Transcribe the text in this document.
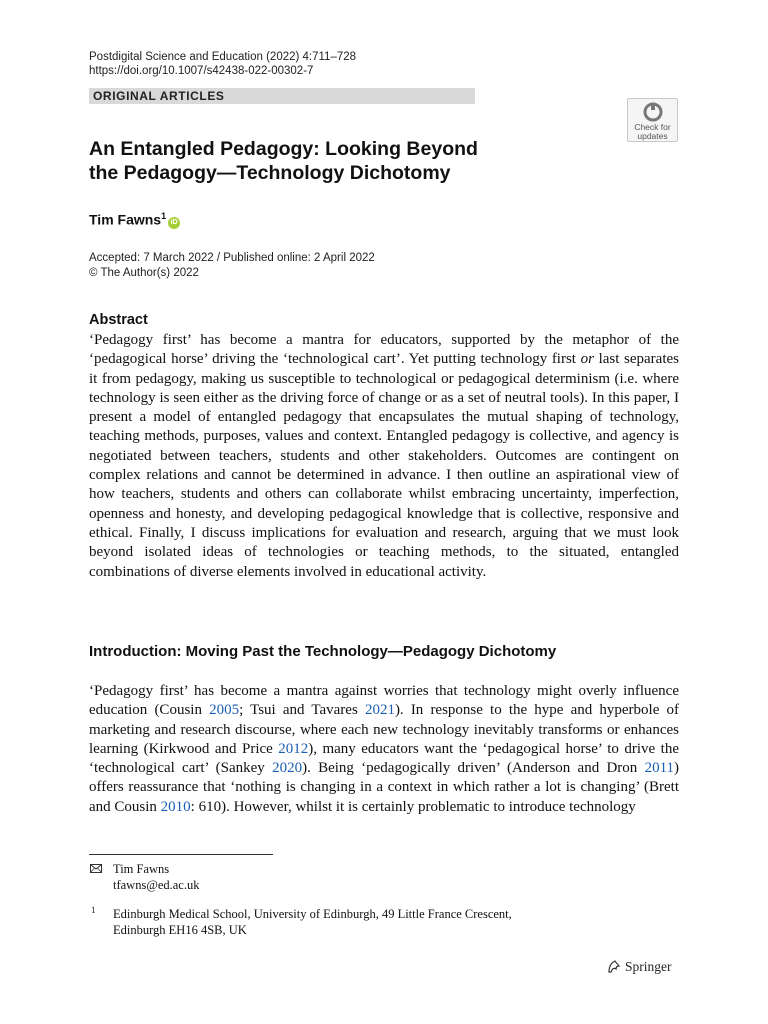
Postdigital Science and Education (2022) 4:711–728
https://doi.org/10.1007/s42438-022-00302-7
ORIGINAL ARTICLES
Check for
updates
An Entangled Pedagogy: Looking Beyond
the Pedagogy—Technology Dichotomy
Tim Fawns$^1$iD
Accepted: 7 March 2022 / Published online: 2 April 2022
© The Author(s) 2022
Abstract

‘Pedagogy first’ has become a mantra for educators, supported by the metaphor of the ‘pedagogical horse’ driving the ‘technological cart’. Yet putting technology first or last separates it from pedagogy, making us susceptible to technological or pedagogical determinism (i.e. where technology is seen either as the driving force of change or as a set of neutral tools). In this paper, I present a model of entangled pedagogy that encapsulates the mutual shaping of technology, teaching methods, purposes, values and context. Entangled pedagogy is collective, and agency is negotiated between teachers, students and other stakeholders. Outcomes are contingent on complex relations and cannot be determined in advance. I then outline an aspirational view of how teachers, students and others can collaborate whilst embracing uncertainty, imperfection, openness and honesty, and developing pedagogical knowledge that is collective, responsive and ethical. Finally, I discuss implications for evaluation and research, arguing that we must look beyond isolated ideas of technologies or teaching methods, to the situated, entangled combinations of diverse elements involved in educational activity.

Introduction: Moving Past the Technology—Pedagogy Dichotomy

‘Pedagogy first’ has become a mantra against worries that technology might overly influence education (Cousin 2005; Tsui and Tavares 2021). In response to the hype and hyperbole of marketing and research discourse, where each new technology inevitably transforms or enhances learning (Kirkwood and Price 2012), many educators want the ‘pedagogical horse’ to drive the ‘technological cart’ (Sankey 2020). Being ‘pedagogically driven’ (Anderson and Dron 2011) offers reassurance that ‘nothing is changing in a context in which rather a lot is changing’ (Brett and Cousin 2010: 610). However, whilst it is certainly problematic to introduce technology

Tim Fawns
tfawns@ed.ac.uk
1 Edinburgh Medical School, University of Edinburgh, 49 Little France Crescent,
Edinburgh EH16 4SB, UK
Springer
